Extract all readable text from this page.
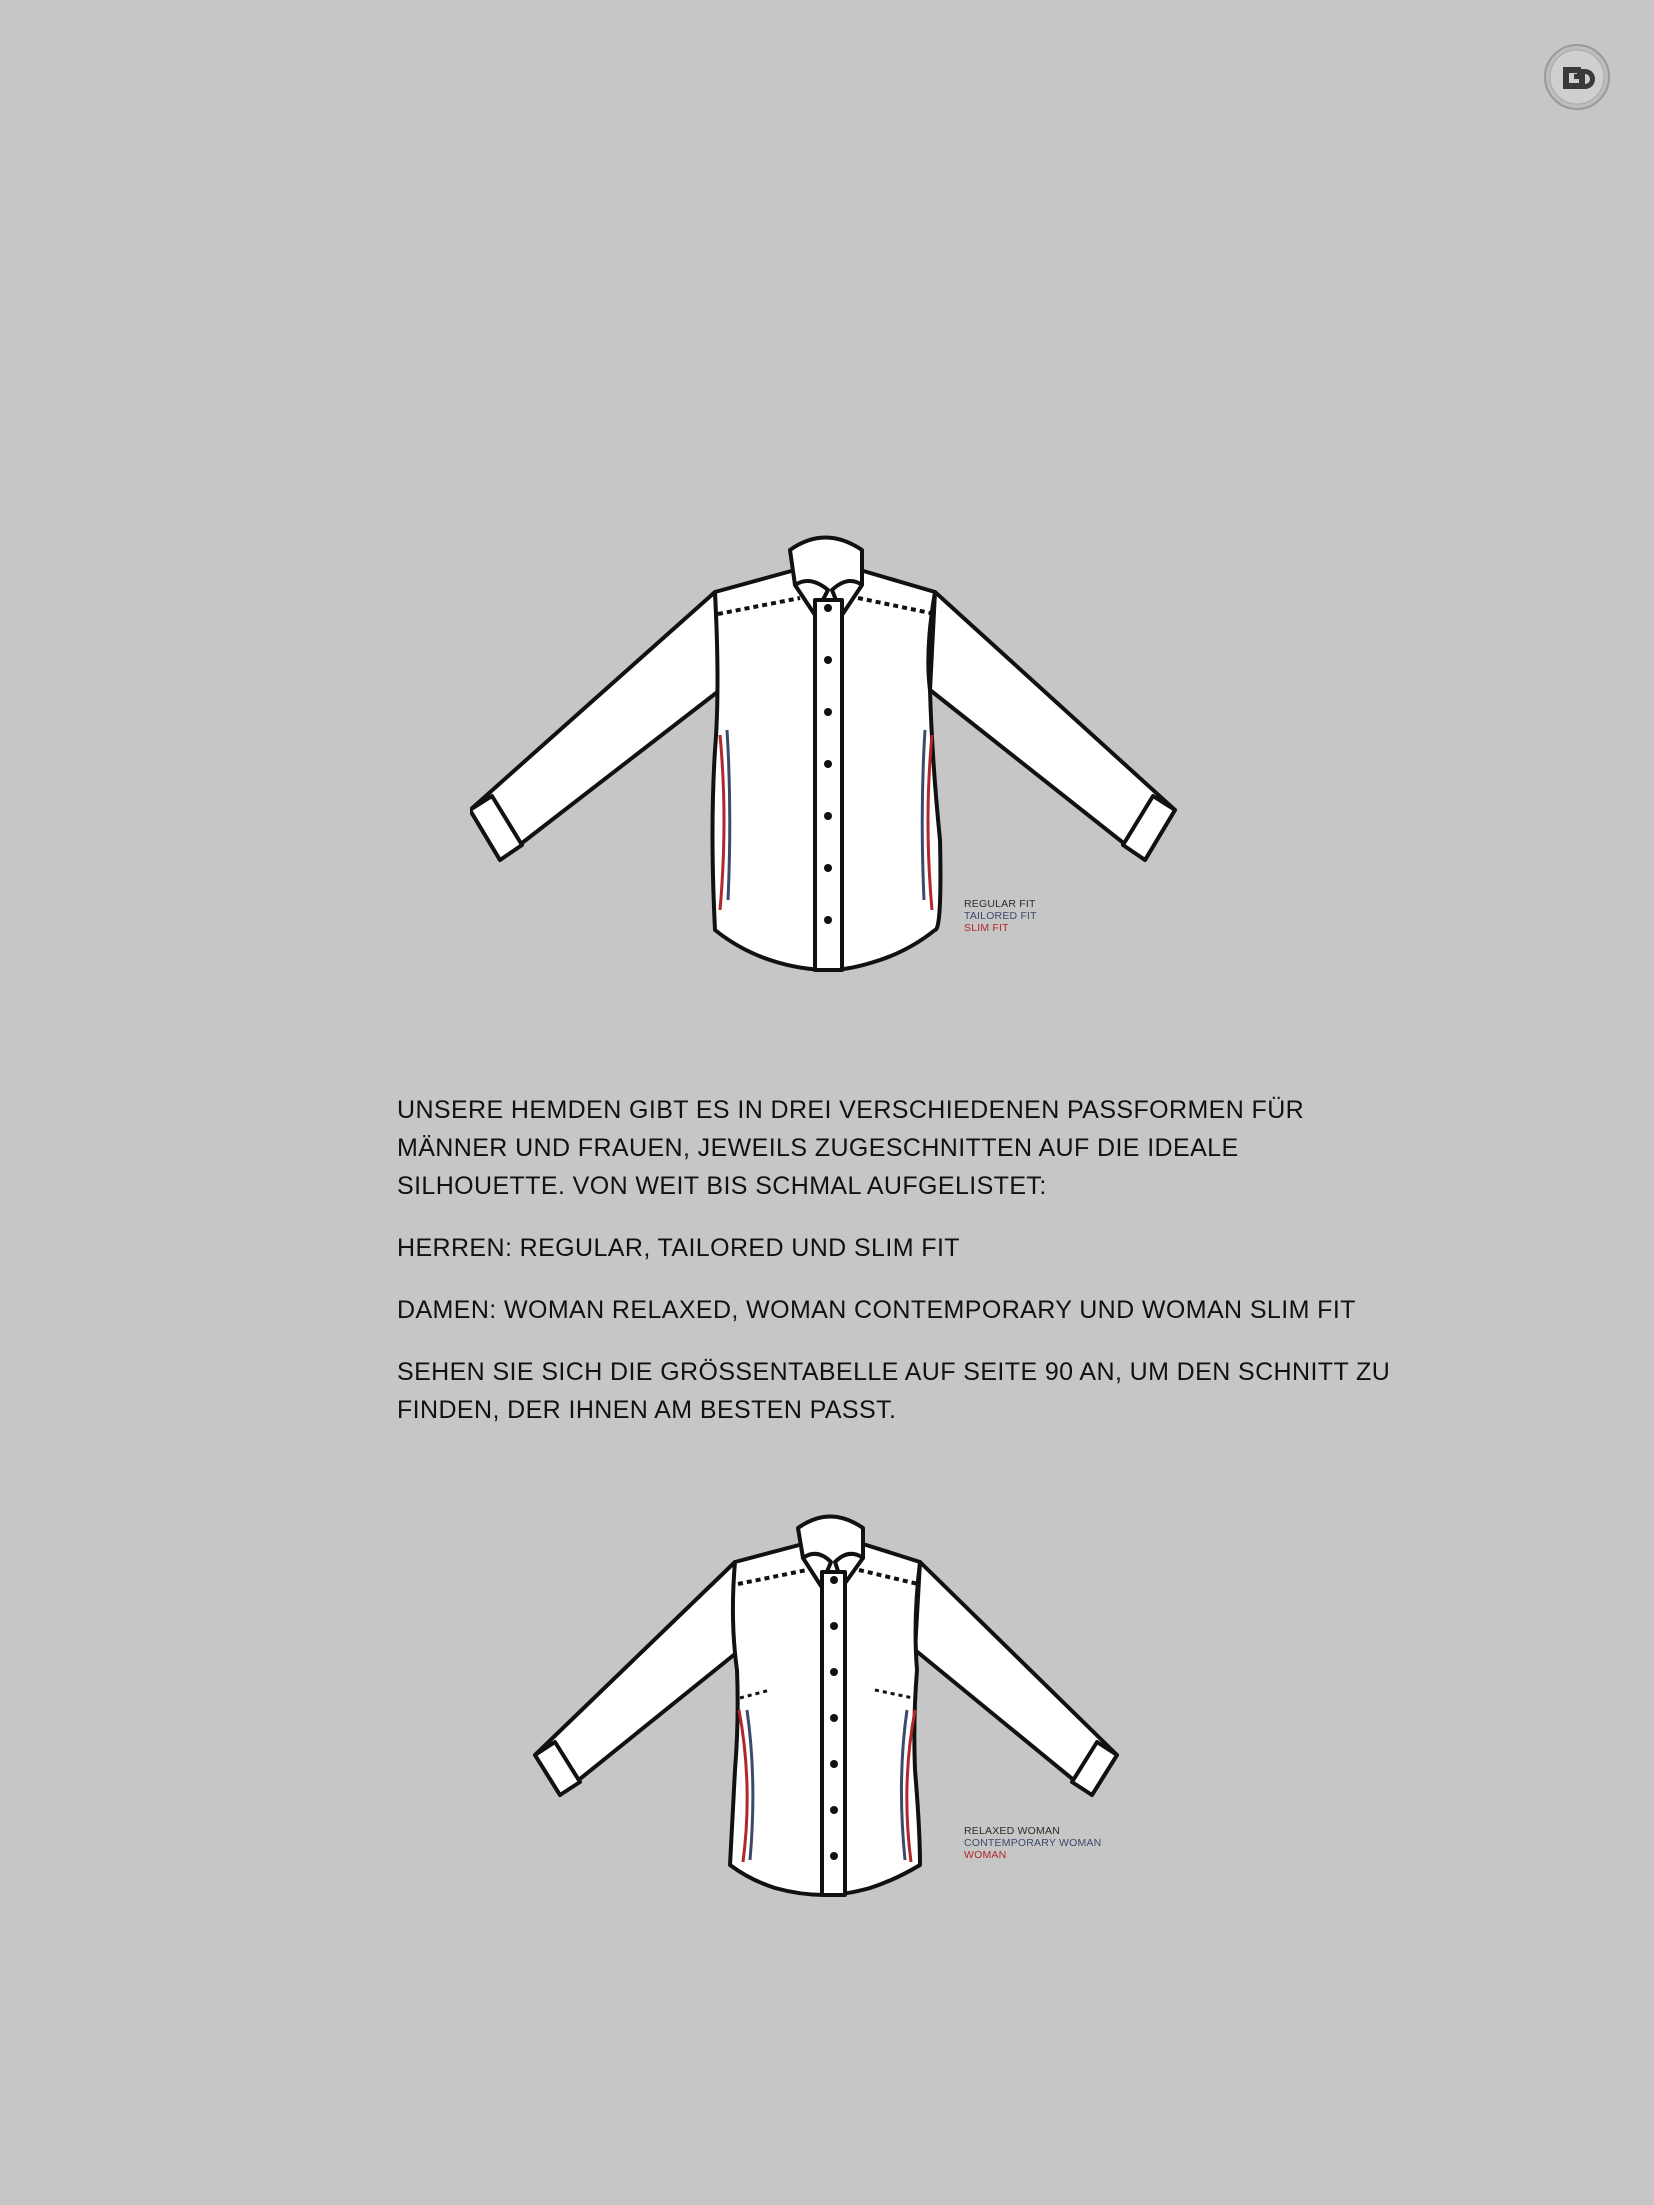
REGULAR FIT
TAILORED FIT
SLIM FIT

UNSERE HEMDEN GIBT ES IN DREI VERSCHIEDENEN PASSFORMEN FÜR MÄNNER UND FRAUEN, JEWEILS ZUGESCHNITTEN AUF DIE IDEALE SILHOUETTE. VON WEIT BIS SCHMAL AUFGELISTET:

HERREN: REGULAR, TAILORED UND SLIM FIT

DAMEN: WOMAN RELAXED, WOMAN CONTEMPORARY UND WOMAN SLIM FIT

SEHEN SIE SICH DIE GRÖSSENTABELLE AUF SEITE 90 AN, UM DEN SCHNITT ZU FINDEN, DER IHNEN AM BESTEN PASST.

RELAXED WOMAN
CONTEMPORARY WOMAN
WOMAN
